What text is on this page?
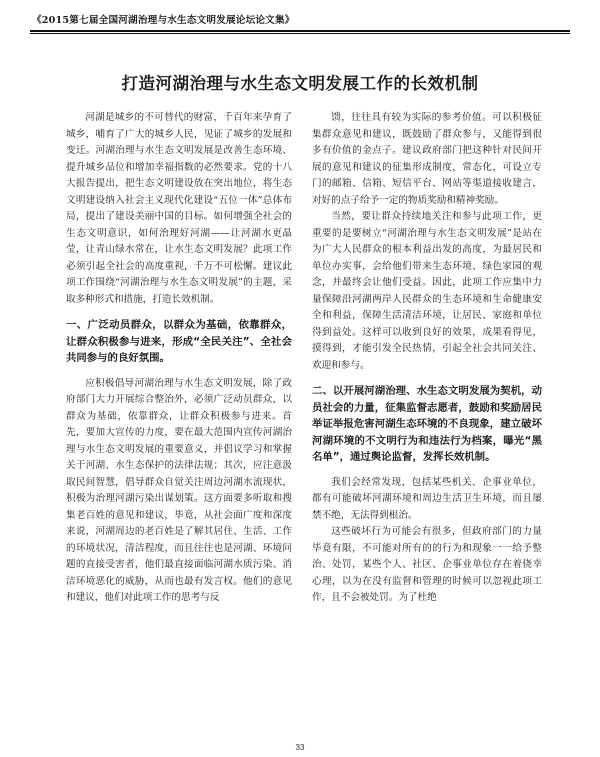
《2015第七届全国河湖治理与水生态文明发展论坛论文集》
打造河湖治理与水生态文明发展工作的长效机制

河湖是城乡的不可替代的财富，千百年来孕育了城乡，哺育了广大的城乡人民，见证了城乡的发展和变迁。河湖治理与水生态文明发展是改善生态环境、提升城乡品位和增加幸福指数的必然要求。党的十八大报告提出，把生态文明建设放在突出地位，将生态文明建设纳入社会主义现代化建设“五位一体”总体布局，提出了建设美丽中国的目标。如何增强全社会的生态文明意识，如何治理好河湖——让河湖水更晶莹，让青山绿水常在，让水生态文明发展？此项工作必须引起全社会的高度重视，千万不可松懈。建议此项工作围绕“河湖治理与水生态文明发展”的主题，采取多种形式和措施，打造长效机制。

一、广泛动员群众，以群众为基础，依靠群众，让群众积极参与进来，形成“全民关注”、全社会共同参与的良好氛围。

应积极倡导河湖治理与水生态文明发展，除了政府部门大力开展综合整治外，必须广泛动员群众，以群众为基础，依靠群众，让群众积极参与进来。首先，要加大宣传的力度，要在最大范围内宣传河湖治理与水生态文明发展的重要意义，并倡议学习和掌握关于河湖、水生态保护的法律法规；其次，应注意汲取民间智慧，倡导群众自觉关注周边河湖水流现状，积极为治理河湖污染出谋划策。这方面要多听取和搜集老百姓的意见和建议，毕竟，从社会面广度和深度来说，河湖周边的老百姓是了解其居住、生活、工作的环境状况，清洁程度，而且往往也是河湖、环境问题的直接受害者，他们最直接面临河湖水质污染、消洁环境恶化的威胁，从而也最有发言权。他们的意见和建议，他们对此项工作的思考与反

馈，往往具有较为实际的参考价值。可以积极征集群众意见和建议，既鼓励了群众参与，又能得到很多有价值的金点子。建议政府部门把这种针对民间开展的意见和建议的征集形成制度，常态化，可设立专门的邮箱、信箱、短信平台、网站等渠道接收建言，对好的点子给予一定的物质奖励和精神奖励。

当然，要让群众持续地关注和参与此项工作，更重要的是要树立“河湖治理与水生态文明发展”是站在为广大人民群众的根本利益出发的高度，为最居民和单位办实事，会给他们带来生态环境、绿色家园的观念，并最终会让他们受益。因此，此项工作应集中力量保障沿河湖两岸人民群众的生态环境和生命健康安全和利益，保障生活清洁环境，让居民、家庭和单位得到益处。这样可以收到良好的效果，成果看得见，摸得到，才能引发全民热情，引起全社会共同关注、欢迎和参与。

二、以开展河湖治理、水生态文明发展为契机，动员社会的力量，征集监督志愿者，鼓励和奖励居民举证举报危害河湖生态环境的不良现象，建立破坏河湖环境的不文明行为和违法行为档案，曝光“黑名单”，通过舆论监督，发挥长效机制。

我们会经常发现，包括某些机关、企事业单位，都有可能破坏河湖环境和周边生活卫生环境，而且屡禁不绝，无法得到根治。

这些破坏行为可能会有很多，但政府部门的力量毕竟有限，不可能对所有的的行为和现象一一给予整治、处罚，某些个人、社区、企事业单位存在着侥幸心理，以为在没有监督和管理的时候可以忽视此项工作，且不会被处罚。为了杜绝

33
